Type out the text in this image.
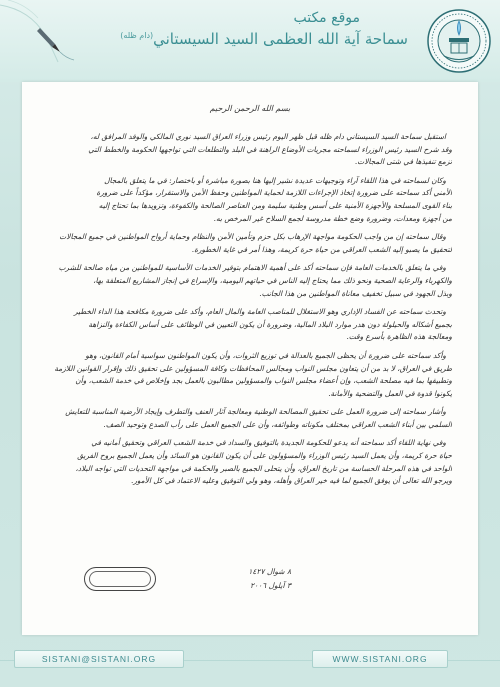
موقع مكتب
سماحة آية الله العظمى السيد السيستاني$^{(دام ظله)}$
بسم الله الرحمن الرحيم
استقبل سماحة السيد السيستاني دام ظله قبل ظهر اليوم رئيس وزراء العراق السيد نوري المالكي والوفد المرافق له،
وقد شرح السيد رئيس الوزراء لسماحته مجريات الأوضاع الراهنة في البلد والتطلعات التي تواجهها الحكومة والخطط التي
تزمع تنفيذها في شتى المجالات.
وكان لسماحته في هذا اللقاء آراء وتوجيهات عديدة نشير إليها هنا بصورة مباشرة أو باختصار: في ما يتعلق بالمجال
الأمني أكد سماحته على ضرورة إتخاذ الإجراءات اللازمة لحماية المواطنين وحفظ الأمن والاستقرار، مؤكداً على ضرورة
بناء القوى المسلحة والأجهزة الأمنية على أسس وطنية سليمة ومن العناصر الصالحة والكفوءة، وتزويدها بما تحتاج إليه
من أجهزة ومعدات، وضرورة وضع خطة مدروسة لجمع السلاح غير المرخص به.
وقال سماحته إن من واجب الحكومة مواجهة الإرهاب بكل حزم وتأمين الأمن والنظام وحماية أرواح المواطنين في جميع المجالات
لتحقيق ما يصبو إليه الشعب العراقي من حياة حرة كريمة، وهذا أمر في غاية الخطورة.
وفي ما يتعلق بالخدمات العامة فإن سماحته أكد على أهمية الاهتمام بتوفير الخدمات الأساسية للمواطنين من مياه صالحة للشرب
والكهرباء والرعاية الصحية ونحو ذلك مما يحتاج إليه الناس في حياتهم اليومية، والإسراع في إنجاز المشاريع المتعلقة بها،
وبذل الجهود في سبيل تخفيف معاناة المواطنين من هذا الجانب.
وتحدث سماحته عن الفساد الإداري وهو الاستغلال للمناصب العامة والمال العام، وأكد على ضرورة مكافحة هذا الداء الخطير
بجميع أشكاله والحيلولة دون هدر موارد البلاد المالية، وضرورة أن يكون التعيين في الوظائف على أساس الكفاءة والنزاهة
ومعالجة هذه الظاهرة بأسرع وقت.
وأكد سماحته على ضرورة أن يحظى الجميع بالعدالة في توزيع الثروات، وأن يكون المواطنون سواسية أمام القانون، وهو
طريق في العراق، لا بد من أن يتعاون مجلس النواب ومجالس المحافظات وكافة المسؤولين على تحقيق ذلك وإقرار القوانين اللازمة
وتطبيقها بما فيه مصلحة الشعب، وإن أعضاء مجلس النواب والمسؤولين مطالبون بالعمل بجد وإخلاص في خدمة الشعب، وأن
يكونوا قدوة في العمل والتضحية والأمانة.
وأشار سماحته إلى ضرورة العمل على تحقيق المصالحة الوطنية ومعالجة آثار العنف والتطرف وإيجاد الأرضية المناسبة للتعايش
السلمي بين أبناء الشعب العراقي بمختلف مكوناته وطوائفه، وأن على الجميع العمل على رأب الصدع وتوحيد الصف.
وفي نهاية اللقاء أكد سماحته أنه يدعو للحكومة الجديدة بالتوفيق والسداد في خدمة الشعب العراقي وتحقيق أمانيه في
حياة حرة كريمة، وأن يعمل السيد رئيس الوزراء والمسؤولون على أن يكون القانون هو السائد وأن يعمل الجميع بروح الفريق
الواحد في هذه المرحلة الحساسة من تاريخ العراق، وأن يتحلى الجميع بالصبر والحكمة في مواجهة التحديات التي تواجه البلاد،
ويرجو الله تعالى أن يوفق الجميع لما فيه خير العراق وأهله، وهو ولي التوفيق وعليه الاعتماد في كل الأمور.
٨ شوال ١٤٢٧
٣ آيلول ٢٠٠٦
SISTANI@SISTANI.ORG	WWW.SISTANI.ORG
